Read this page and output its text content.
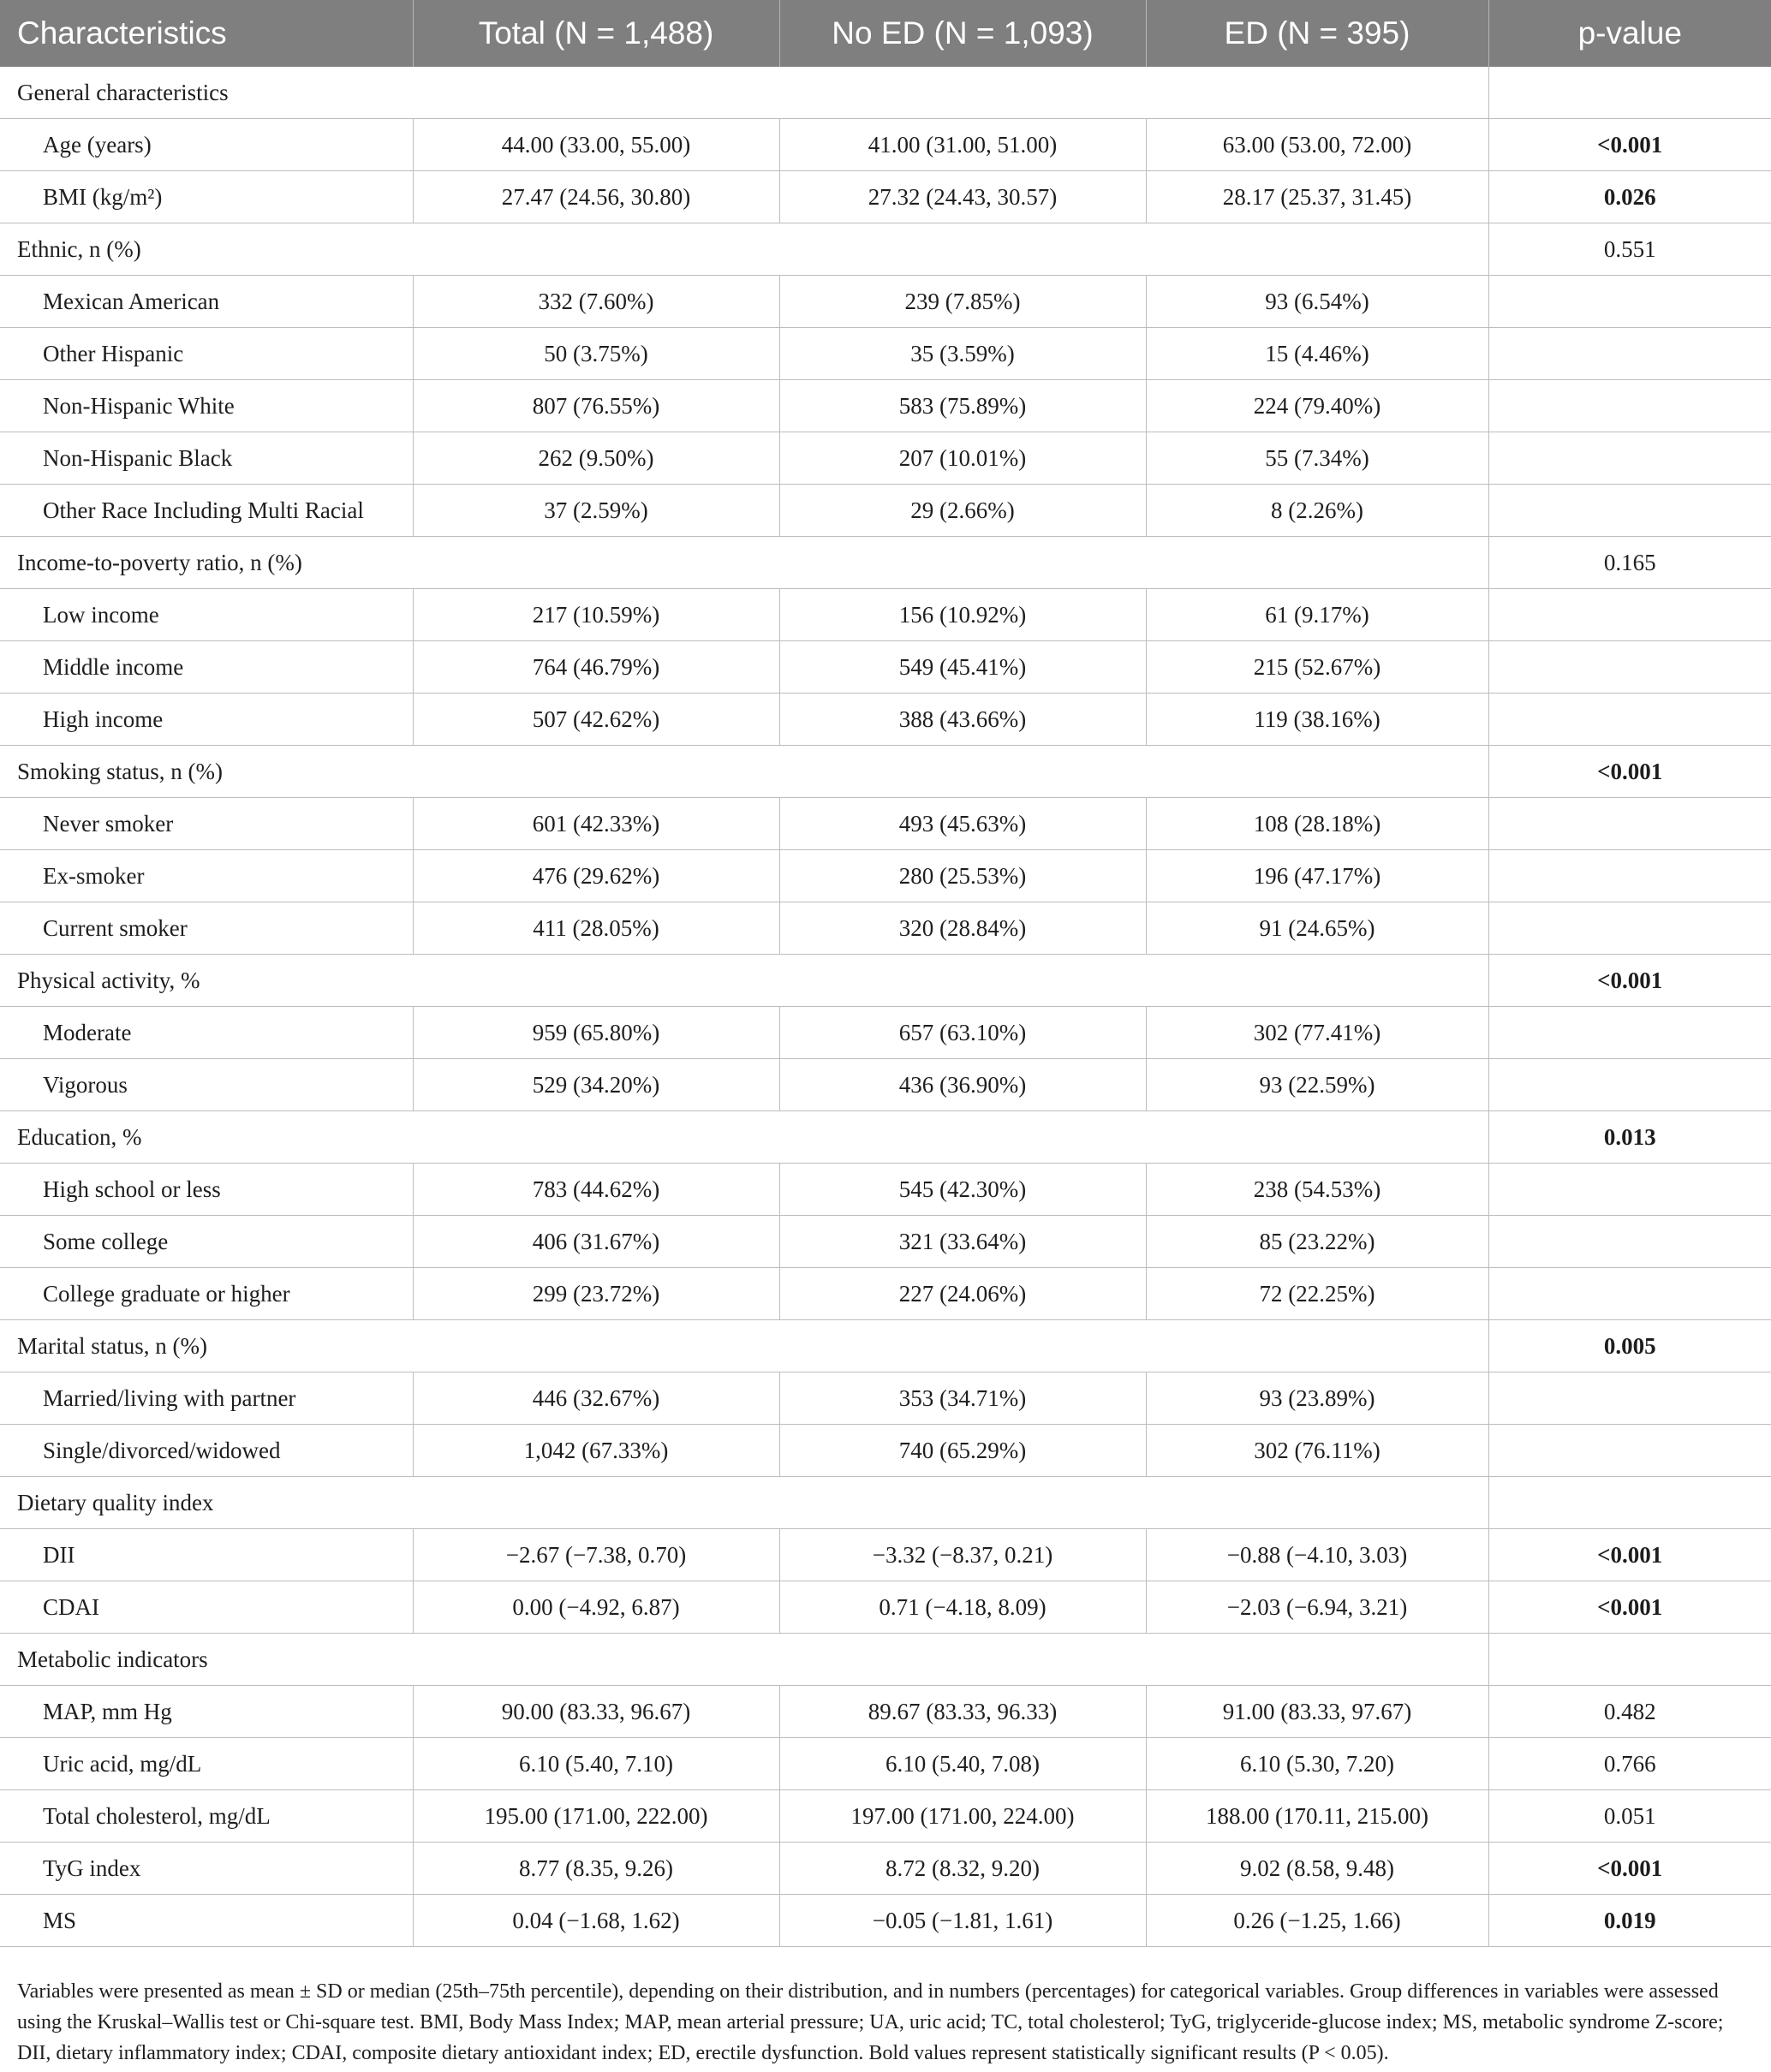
Characteristics	Total (N = 1,488)	No ED (N = 1,093)	ED (N = 395)	p-value
General characteristics				
Age (years)	44.00 (33.00, 55.00)	41.00 (31.00, 51.00)	63.00 (53.00, 72.00)	<0.001
BMI (kg/m²)	27.47 (24.56, 30.80)	27.32 (24.43, 30.57)	28.17 (25.37, 31.45)	0.026
Ethnic, n (%)				0.551
Mexican American	332 (7.60%)	239 (7.85%)	93 (6.54%)	
Other Hispanic	50 (3.75%)	35 (3.59%)	15 (4.46%)	
Non-Hispanic White	807 (76.55%)	583 (75.89%)	224 (79.40%)	
Non-Hispanic Black	262 (9.50%)	207 (10.01%)	55 (7.34%)	
Other Race Including Multi Racial	37 (2.59%)	29 (2.66%)	8 (2.26%)	
Income-to-poverty ratio, n (%)				0.165
Low income	217 (10.59%)	156 (10.92%)	61 (9.17%)	
Middle income	764 (46.79%)	549 (45.41%)	215 (52.67%)	
High income	507 (42.62%)	388 (43.66%)	119 (38.16%)	
Smoking status, n (%)				<0.001
Never smoker	601 (42.33%)	493 (45.63%)	108 (28.18%)	
Ex-smoker	476 (29.62%)	280 (25.53%)	196 (47.17%)	
Current smoker	411 (28.05%)	320 (28.84%)	91 (24.65%)	
Physical activity, %				<0.001
Moderate	959 (65.80%)	657 (63.10%)	302 (77.41%)	
Vigorous	529 (34.20%)	436 (36.90%)	93 (22.59%)	
Education, %				0.013
High school or less	783 (44.62%)	545 (42.30%)	238 (54.53%)	
Some college	406 (31.67%)	321 (33.64%)	85 (23.22%)	
College graduate or higher	299 (23.72%)	227 (24.06%)	72 (22.25%)	
Marital status, n (%)				0.005
Married/living with partner	446 (32.67%)	353 (34.71%)	93 (23.89%)	
Single/divorced/widowed	1,042 (67.33%)	740 (65.29%)	302 (76.11%)	
Dietary quality index				
DII	−2.67 (−7.38, 0.70)	−3.32 (−8.37, 0.21)	−0.88 (−4.10, 3.03)	<0.001
CDAI	0.00 (−4.92, 6.87)	0.71 (−4.18, 8.09)	−2.03 (−6.94, 3.21)	<0.001
Metabolic indicators				
MAP, mm Hg	90.00 (83.33, 96.67)	89.67 (83.33, 96.33)	91.00 (83.33, 97.67)	0.482
Uric acid, mg/dL	6.10 (5.40, 7.10)	6.10 (5.40, 7.08)	6.10 (5.30, 7.20)	0.766
Total cholesterol, mg/dL	195.00 (171.00, 222.00)	197.00 (171.00, 224.00)	188.00 (170.11, 215.00)	0.051
TyG index	8.77 (8.35, 9.26)	8.72 (8.32, 9.20)	9.02 (8.58, 9.48)	<0.001
MS	0.04 (−1.68, 1.62)	−0.05 (−1.81, 1.61)	0.26 (−1.25, 1.66)	0.019

Variables were presented as mean ± SD or median (25th–75th percentile), depending on their distribution, and in numbers (percentages) for categorical variables. Group differences in variables were assessed using the Kruskal–Wallis test or Chi-square test. BMI, Body Mass Index; MAP, mean arterial pressure; UA, uric acid; TC, total cholesterol; TyG, triglyceride-glucose index; MS, metabolic syndrome Z-score; DII, dietary inflammatory index; CDAI, composite dietary antioxidant index; ED, erectile dysfunction. Bold values represent statistically significant results (P < 0.05).
